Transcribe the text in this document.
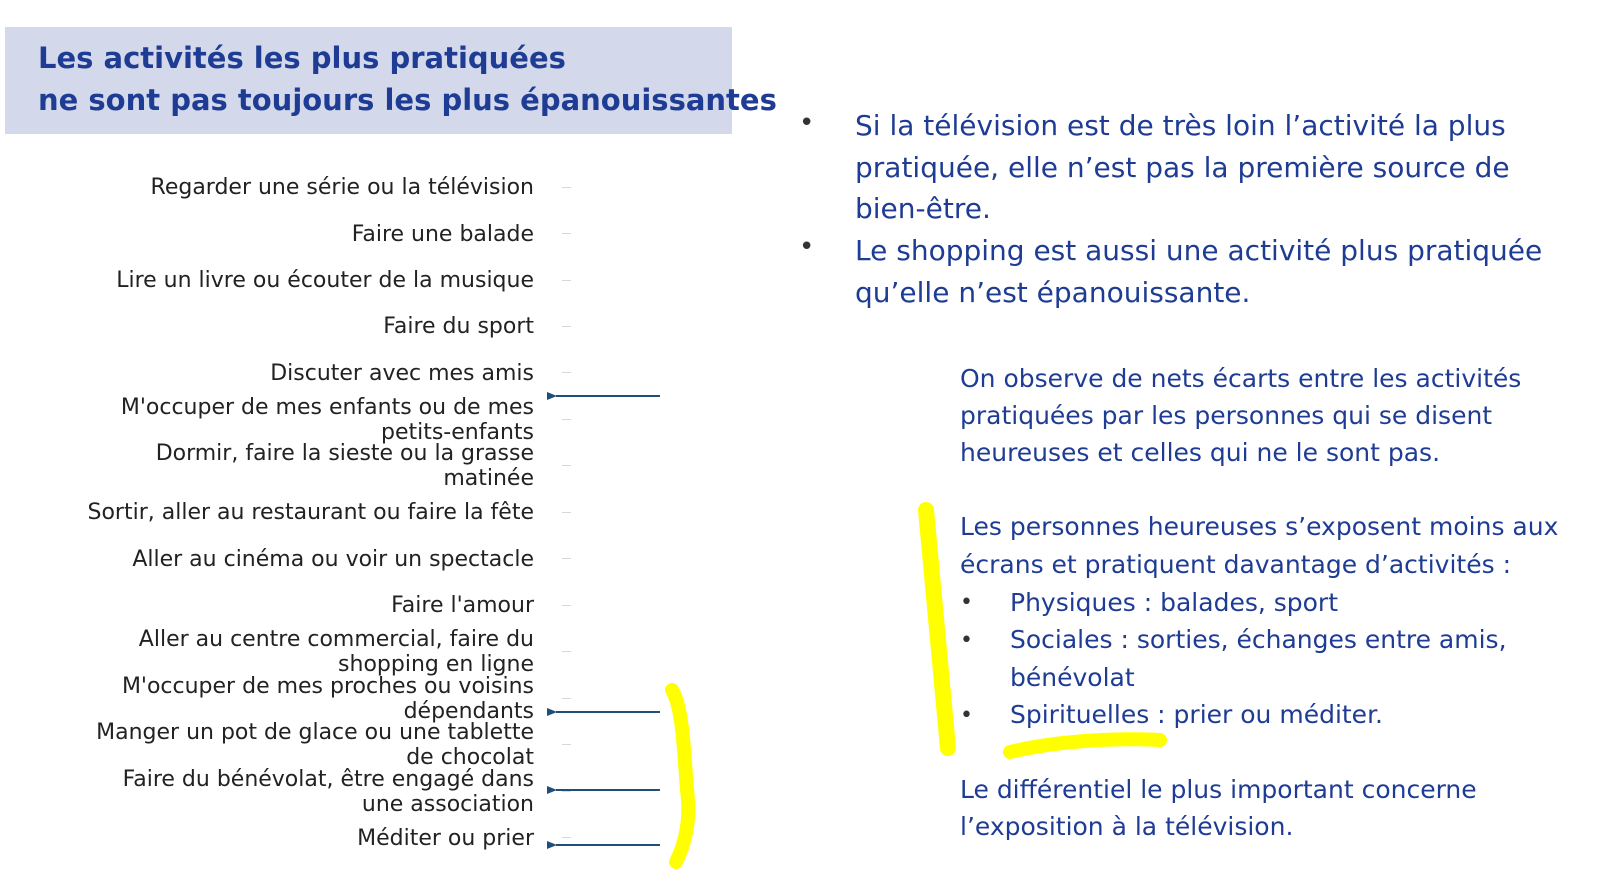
Les activités les plus pratiquées
ne sont pas toujours les plus épanouissantes
Regarder une série ou la télévision
Faire une balade
Lire un livre ou écouter de la musique
Faire du sport
Discuter avec mes amis
M'occuper de mes enfants ou de mes
petits-enfants
Dormir, faire la sieste ou la grasse
matinée
Sortir, aller au restaurant ou faire la fête
Aller au cinéma ou voir un spectacle
Faire l'amour
Aller au centre commercial, faire du
shopping en ligne
M'occuper de mes proches ou voisins
dépendants
Manger un pot de glace ou une tablette
de chocolat
Faire du bénévolat, être engagé dans
une association
Méditer ou prier
• Si la télévision est de très loin l’activité la plus pratiquée, elle n’est pas la première source de bien-être.
• Le shopping est aussi une activité plus pratiquée qu’elle n’est épanouissante.
On observe de nets écarts entre les activités
pratiquées par les personnes qui se disent
heureuses et celles qui ne le sont pas.
Les personnes heureuses s’exposent moins aux
écrans et pratiquent davantage d’activités :
• Physiques : balades, sport
• Sociales : sorties, échanges entre amis, bénévolat
• Spirituelles : prier ou méditer.
Le différentiel le plus important concerne
l’exposition à la télévision.
